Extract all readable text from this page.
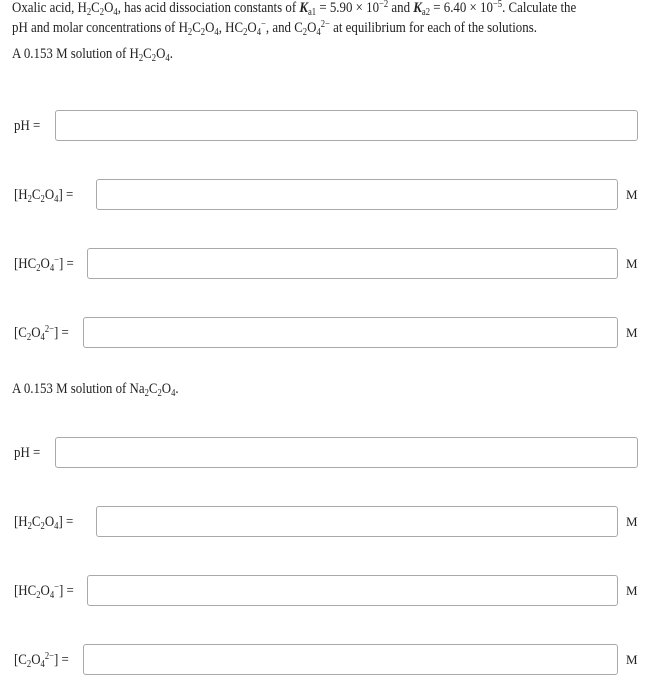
Oxalic acid, $H_2C_2O_4$, has acid dissociation constants of $K_{a1} = 5.90 \times 10^{-2}$ and $K_{a2} = 6.40 \times 10^{-5}$. Calculate the
pH and molar concentrations of $H_2C_2O_4$, $HC_2O_4^-$, and $C_2O_4^{2-}$ at equilibrium for each of the solutions.
A 0.153 M solution of $H_2C_2O_4$.
A 0.153 M solution of $Na_2C_2O_4$.
pH =
$[H_2C_2O_4]$ =	M
$[HC_2O_4^-]$ =	M
$[C_2O_4^{2-}]$ =	M
pH =
$[H_2C_2O_4]$ =	M
$[HC_2O_4^-]$ =	M
$[C_2O_4^{2-}]$ =	M
